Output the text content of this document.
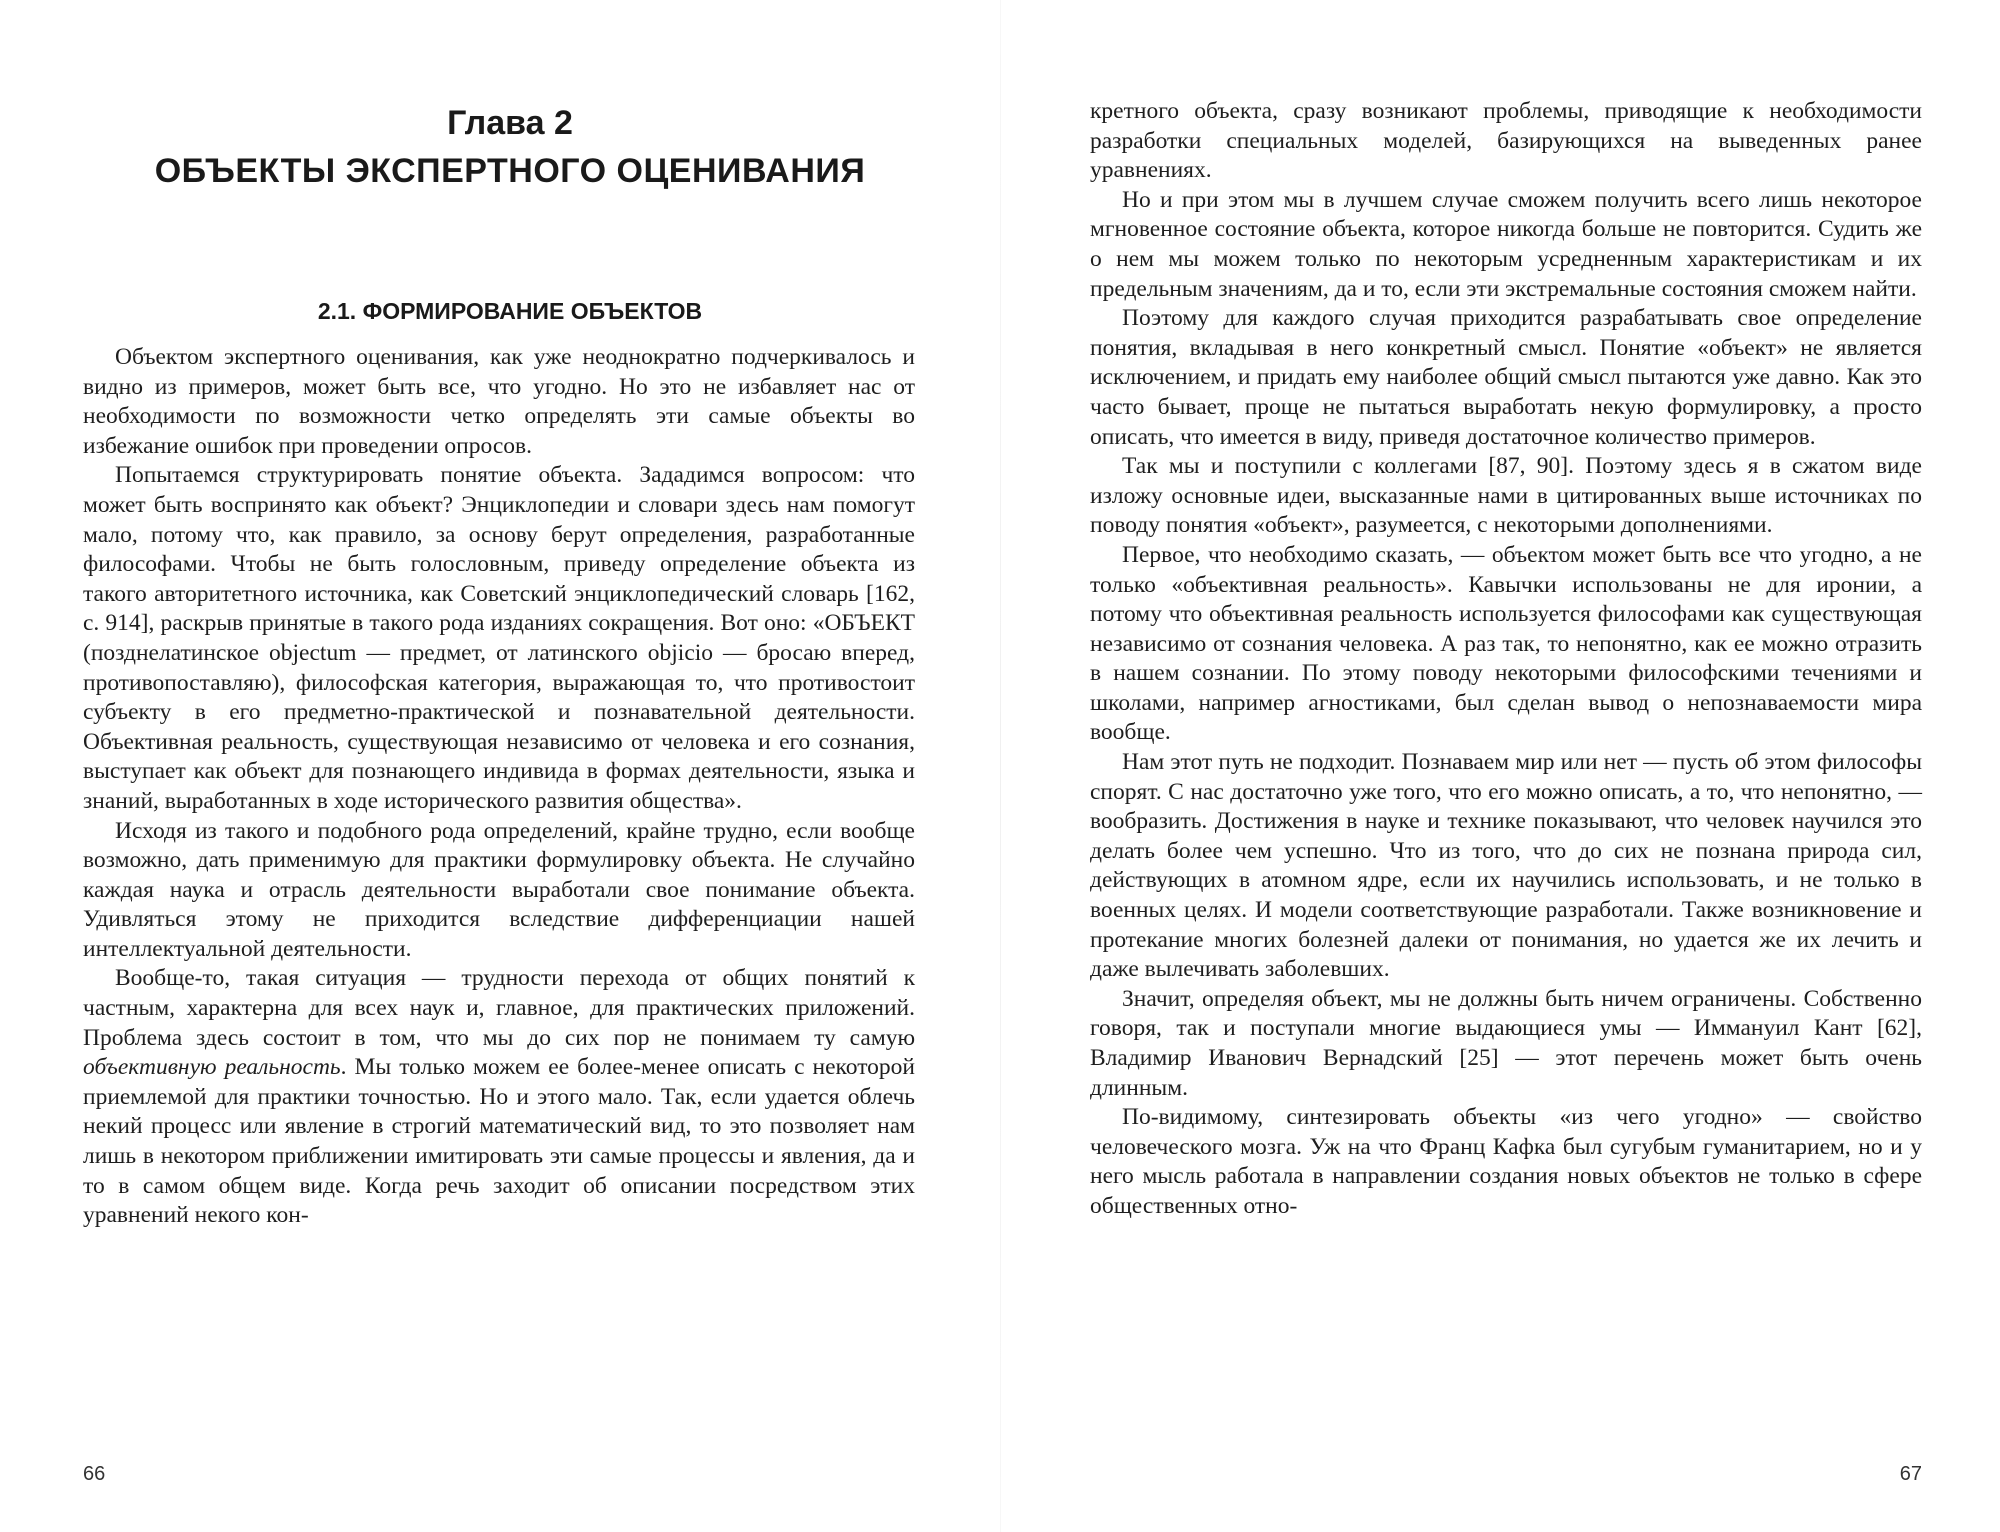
Глава 2
ОБЪЕКТЫ ЭКСПЕРТНОГО ОЦЕНИВАНИЯ
2.1. ФОРМИРОВАНИЕ ОБЪЕКТОВ

Объектом экспертного оценивания, как уже неоднократно подчеркивалось и видно из примеров, может быть все, что угодно. Но это не избавляет нас от необходимости по возможности четко определять эти самые объекты во избежание ошибок при проведении опросов.

Попытаемся структурировать понятие объекта. Зададимся вопросом: что может быть воспринято как объект? Энциклопедии и словари здесь нам помогут мало, потому что, как правило, за основу берут определения, разработанные философами. Чтобы не быть голословным, приведу определение объекта из такого авторитетного источника, как Советский энциклопедический словарь [162, с. 914], раскрыв принятые в такого рода изданиях сокращения. Вот оно: «ОБЪЕКТ (позднелатинское objectum — предмет, от латинского objicio — бросаю вперед, противопоставляю), философская категория, выражающая то, что противостоит субъекту в его предметно-практической и познавательной деятельности. Объективная реальность, существующая независимо от человека и его сознания, выступает как объект для познающего индивида в формах деятельности, языка и знаний, выработанных в ходе исторического развития общества».

Исходя из такого и подобного рода определений, крайне трудно, если вообще возможно, дать применимую для практики формулировку объекта. Не случайно каждая наука и отрасль деятельности выработали свое понимание объекта. Удивляться этому не приходится вследствие дифференциации нашей интеллектуальной деятельности.

Вообще-то, такая ситуация — трудности перехода от общих понятий к частным, характерна для всех наук и, главное, для практических приложений. Проблема здесь состоит в том, что мы до сих пор не понимаем ту самую объективную реальность. Мы только можем ее более-менее описать с некоторой приемлемой для практики точностью. Но и этого мало. Так, если удается облечь некий процесс или явление в строгий математический вид, то это позволяет нам лишь в некотором приближении имитировать эти самые процессы и явления, да и то в самом общем виде. Когда речь заходит об описании посредством этих уравнений некого кон-

66

кретного объекта, сразу возникают проблемы, приводящие к необходимости разработки специальных моделей, базирующихся на выведенных ранее уравнениях.

Но и при этом мы в лучшем случае сможем получить всего лишь некоторое мгновенное состояние объекта, которое никогда больше не повторится. Судить же о нем мы можем только по некоторым усредненным характеристикам и их предельным значениям, да и то, если эти экстремальные состояния сможем найти.

Поэтому для каждого случая приходится разрабатывать свое определение понятия, вкладывая в него конкретный смысл. Понятие «объект» не является исключением, и придать ему наиболее общий смысл пытаются уже давно. Как это часто бывает, проще не пытаться выработать некую формулировку, а просто описать, что имеется в виду, приведя достаточное количество примеров.

Так мы и поступили с коллегами [87, 90]. Поэтому здесь я в сжатом виде изложу основные идеи, высказанные нами в цитированных выше источниках по поводу понятия «объект», разумеется, с некоторыми дополнениями.

Первое, что необходимо сказать, — объектом может быть все что угодно, а не только «объективная реальность». Кавычки использованы не для иронии, а потому что объективная реальность используется философами как существующая независимо от сознания человека. А раз так, то непонятно, как ее можно отразить в нашем сознании. По этому поводу некоторыми философскими течениями и школами, например агностиками, был сделан вывод о непознаваемости мира вообще.

Нам этот путь не подходит. Познаваем мир или нет — пусть об этом философы спорят. С нас достаточно уже того, что его можно описать, а то, что непонятно, — вообразить. Достижения в науке и технике показывают, что человек научился это делать более чем успешно. Что из того, что до сих не познана природа сил, действующих в атомном ядре, если их научились использовать, и не только в военных целях. И модели соответствующие разработали. Также возникновение и протекание многих болезней далеки от понимания, но удается же их лечить и даже вылечивать заболевших.

Значит, определяя объект, мы не должны быть ничем ограничены. Собственно говоря, так и поступали многие выдающиеся умы — Иммануил Кант [62], Владимир Иванович Вернадский [25] — этот перечень может быть очень длинным.

По-видимому, синтезировать объекты «из чего угодно» — свойство человеческого мозга. Уж на что Франц Кафка был сугубым гуманитарием, но и у него мысль работала в направлении создания новых объектов не только в сфере общественных отно-

67
